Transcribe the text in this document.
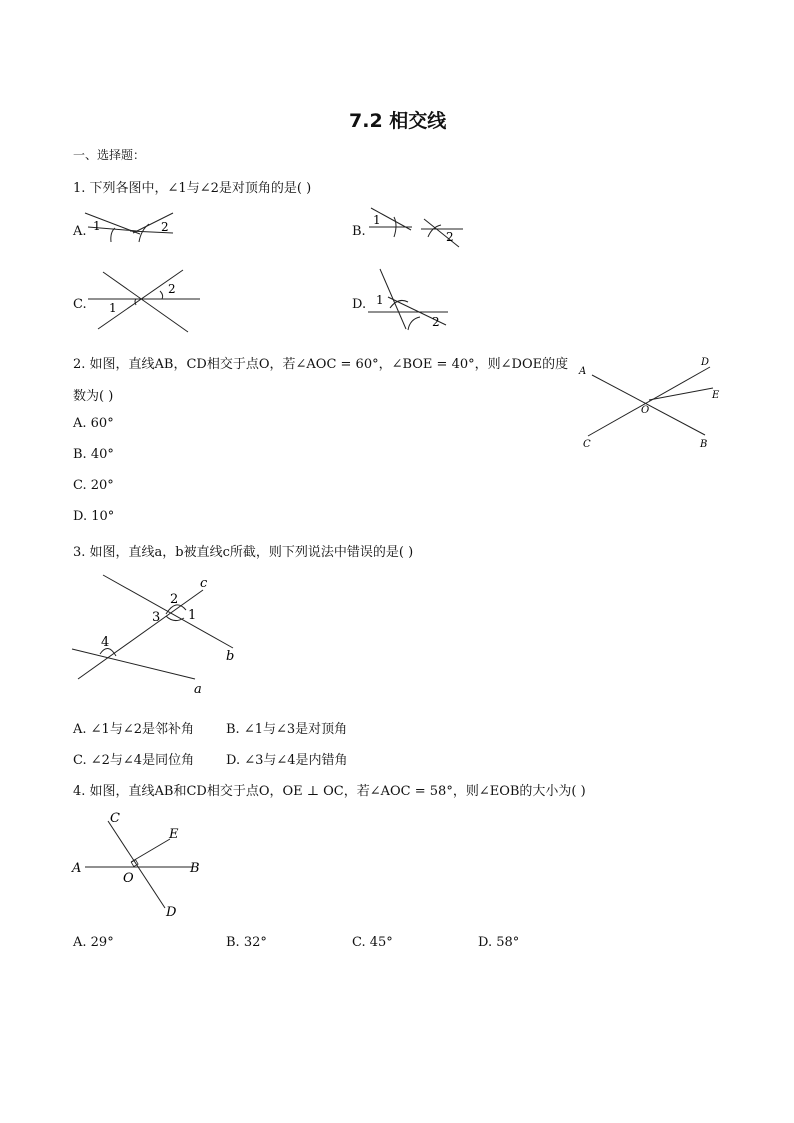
7.2 相交线
一、选择题：
1. 下列各图中，∠1与∠2是对顶角的是( )
A.	B.
C.	D.
1	2	1
2
2
1
1
2
2. 如图，直线AB，CD相交于点O，若∠AOC = 60°，∠BOE = 40°，则∠DOE的度
数为( )
A. 60°
B. 40°
C. 20°
D. 10°
A
D
E
O
C	B
3. 如图，直线a，b被直线c所截，则下列说法中错误的是( )
c
2
3 1
4
b
a
A. ∠1与∠2是邻补角 B. ∠1与∠3是对顶角
C. ∠2与∠4是同位角 D. ∠3与∠4是内错角
4. 如图，直线AB和CD相交于点O，OE ⊥ OC，若∠AOC = 58°，则∠EOB的大小为( )
C
E
A	B
O
D
A. 29°	B. 32°	C. 45°	D. 58°
